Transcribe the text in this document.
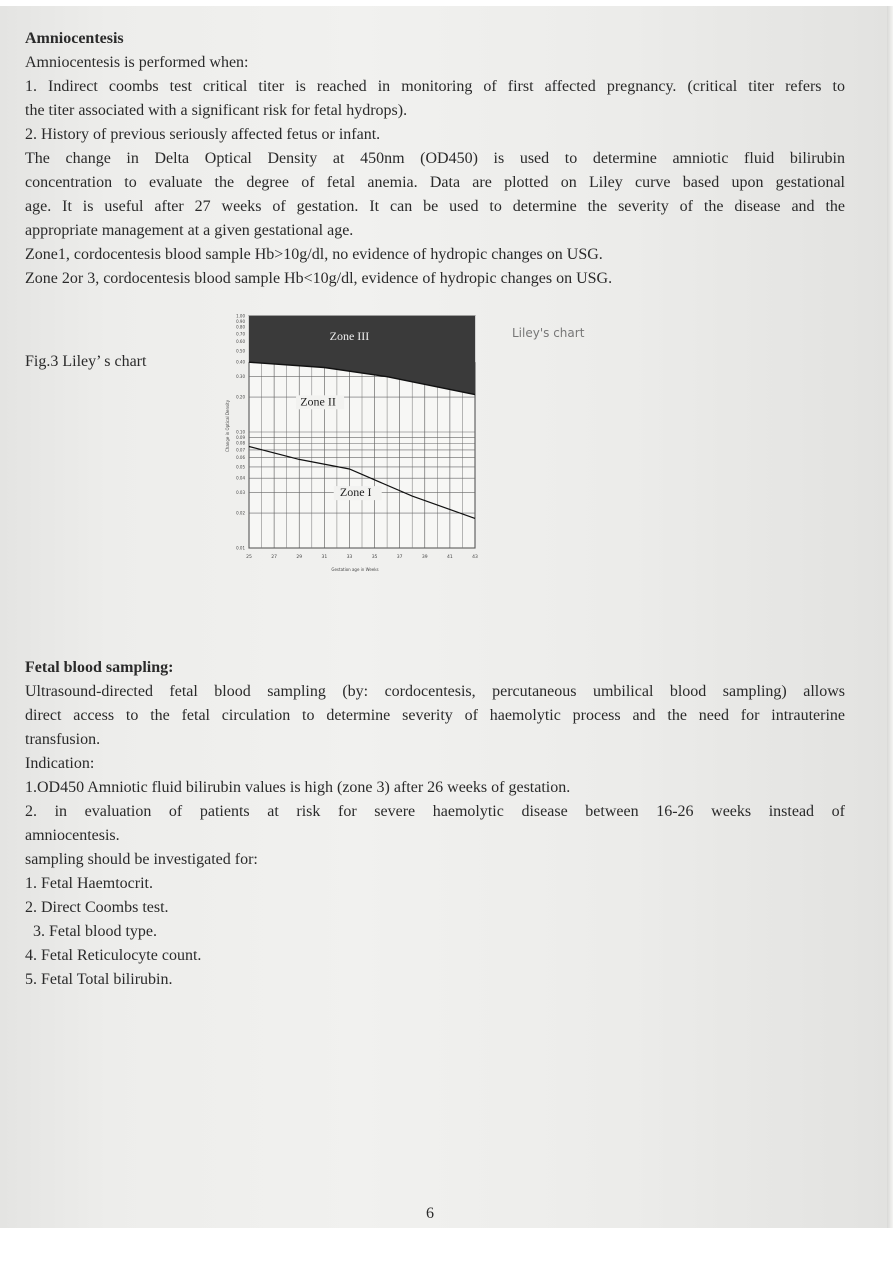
Amniocentesis
Amniocentesis is performed when:
1. Indirect coombs test critical titer is reached in monitoring of first affected pregnancy. (critical titer refers to
the titer associated with a significant risk for fetal hydrops).
2. History of previous seriously affected fetus or infant.
The change in Delta Optical Density at 450nm (OD450) is used to determine amniotic fluid bilirubin
concentration to evaluate the degree of fetal anemia. Data are plotted on Liley curve based upon gestational
age. It is useful after 27 weeks of gestation. It can be used to determine the severity of the disease and the
appropriate management at a given gestational age.
Zone1, cordocentesis blood sample Hb>10g/dl, no evidence of hydropic changes on USG.
Zone 2or 3, cordocentesis blood sample Hb<10g/dl, evidence of hydropic changes on USG.
Fig.3 Liley’ s chart
Liley's chart
Zone III
Zone II
Zone I
1.00
0.90
0.80
0.70
0.60
0.50
0.40
0.30
0.20
0.10
0.09
0.08
0.07
0.06
0.05
0.04
0.03
0.02
0.01
25	27	29	31	33	35	37	39	41	43
Change in Optical Density
Gestation age in Weeks
Fetal blood sampling:
Ultrasound-directed fetal blood sampling (by: cordocentesis, percutaneous umbilical blood sampling) allows
direct access to the fetal circulation to determine severity of haemolytic process and the need for intrauterine
transfusion.
Indication:
1.OD450 Amniotic fluid bilirubin values is high (zone 3) after 26 weeks of gestation.
2. in evaluation of patients at risk for severe haemolytic disease between 16-26 weeks instead of
amniocentesis.
sampling should be investigated for:
1. Fetal Haemtocrit.
2. Direct Coombs test.
3. Fetal blood type.
4. Fetal Reticulocyte count.
5. Fetal Total bilirubin.
6
